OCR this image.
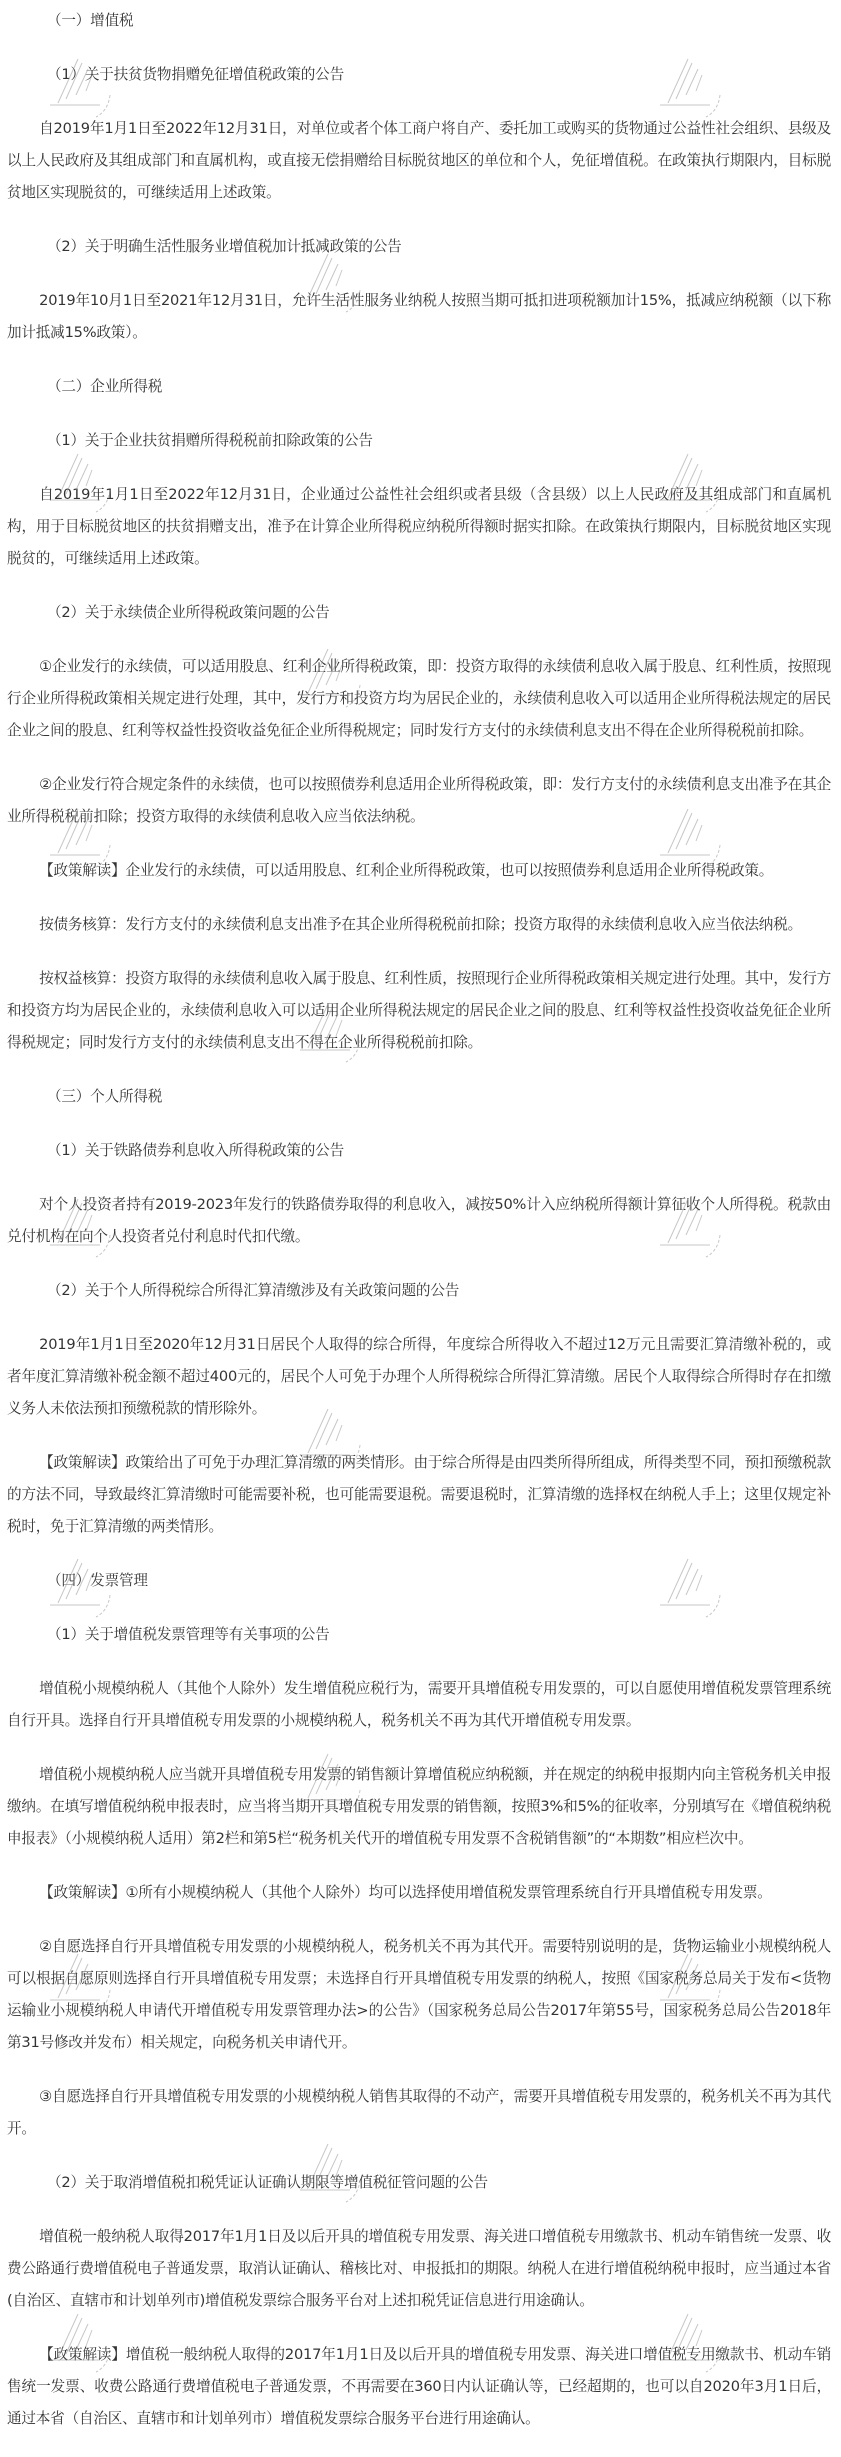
（一）增值税

（1）关于扶贫货物捐赠免征增值税政策的公告

自2019年1月1日至2022年12月31日，对单位或者个体工商户将自产、委托加工或购买的货物通过公益性社会组织、县级及以上人民政府及其组成部门和直属机构，或直接无偿捐赠给目标脱贫地区的单位和个人，免征增值税。在政策执行期限内，目标脱贫地区实现脱贫的，可继续适用上述政策。

（2）关于明确生活性服务业增值税加计抵减政策的公告

2019年10月1日至2021年12月31日，允许生活性服务业纳税人按照当期可抵扣进项税额加计15%，抵减应纳税额（以下称加计抵减15%政策）。

（二）企业所得税

（1）关于企业扶贫捐赠所得税税前扣除政策的公告

自2019年1月1日至2022年12月31日，企业通过公益性社会组织或者县级（含县级）以上人民政府及其组成部门和直属机构，用于目标脱贫地区的扶贫捐赠支出，准予在计算企业所得税应纳税所得额时据实扣除。在政策执行期限内，目标脱贫地区实现脱贫的，可继续适用上述政策。

（2）关于永续债企业所得税政策问题的公告

①企业发行的永续债，可以适用股息、红利企业所得税政策，即：投资方取得的永续债利息收入属于股息、红利性质，按照现行企业所得税政策相关规定进行处理，其中，发行方和投资方均为居民企业的，永续债利息收入可以适用企业所得税法规定的居民企业之间的股息、红利等权益性投资收益免征企业所得税规定；同时发行方支付的永续债利息支出不得在企业所得税税前扣除。

②企业发行符合规定条件的永续债，也可以按照债券利息适用企业所得税政策，即：发行方支付的永续债利息支出准予在其企业所得税税前扣除；投资方取得的永续债利息收入应当依法纳税。

【政策解读】企业发行的永续债，可以适用股息、红利企业所得税政策，也可以按照债券利息适用企业所得税政策。

按债务核算：发行方支付的永续债利息支出准予在其企业所得税税前扣除；投资方取得的永续债利息收入应当依法纳税。

按权益核算：投资方取得的永续债利息收入属于股息、红利性质，按照现行企业所得税政策相关规定进行处理。其中，发行方和投资方均为居民企业的，永续债利息收入可以适用企业所得税法规定的居民企业之间的股息、红利等权益性投资收益免征企业所得税规定；同时发行方支付的永续债利息支出不得在企业所得税税前扣除。

（三）个人所得税

（1）关于铁路债券利息收入所得税政策的公告

对个人投资者持有2019-2023年发行的铁路债券取得的利息收入，减按50%计入应纳税所得额计算征收个人所得税。税款由兑付机构在向个人投资者兑付利息时代扣代缴。

（2）关于个人所得税综合所得汇算清缴涉及有关政策问题的公告

2019年1月1日至2020年12月31日居民个人取得的综合所得，年度综合所得收入不超过12万元且需要汇算清缴补税的，或者年度汇算清缴补税金额不超过400元的，居民个人可免于办理个人所得税综合所得汇算清缴。居民个人取得综合所得时存在扣缴义务人未依法预扣预缴税款的情形除外。

【政策解读】政策给出了可免于办理汇算清缴的两类情形。由于综合所得是由四类所得所组成，所得类型不同，预扣预缴税款的方法不同，导致最终汇算清缴时可能需要补税，也可能需要退税。需要退税时，汇算清缴的选择权在纳税人手上；这里仅规定补税时，免于汇算清缴的两类情形。

（四）发票管理

（1）关于增值税发票管理等有关事项的公告

增值税小规模纳税人（其他个人除外）发生增值税应税行为，需要开具增值税专用发票的，可以自愿使用增值税发票管理系统自行开具。选择自行开具增值税专用发票的小规模纳税人，税务机关不再为其代开增值税专用发票。

增值税小规模纳税人应当就开具增值税专用发票的销售额计算增值税应纳税额，并在规定的纳税申报期内向主管税务机关申报缴纳。在填写增值税纳税申报表时，应当将当期开具增值税专用发票的销售额，按照3%和5%的征收率，分别填写在《增值税纳税申报表》（小规模纳税人适用）第2栏和第5栏“税务机关代开的增值税专用发票不含税销售额”的“本期数”相应栏次中。

【政策解读】①所有小规模纳税人（其他个人除外）均可以选择使用增值税发票管理系统自行开具增值税专用发票。

②自愿选择自行开具增值税专用发票的小规模纳税人，税务机关不再为其代开。需要特别说明的是，货物运输业小规模纳税人可以根据自愿原则选择自行开具增值税专用发票；未选择自行开具增值税专用发票的纳税人，按照《国家税务总局关于发布<货物运输业小规模纳税人申请代开增值税专用发票管理办法>的公告》（国家税务总局公告2017年第55号，国家税务总局公告2018年第31号修改并发布）相关规定，向税务机关申请代开。

③自愿选择自行开具增值税专用发票的小规模纳税人销售其取得的不动产，需要开具增值税专用发票的，税务机关不再为其代开。

（2）关于取消增值税扣税凭证认证确认期限等增值税征管问题的公告

增值税一般纳税人取得2017年1月1日及以后开具的增值税专用发票、海关进口增值税专用缴款书、机动车销售统一发票、收费公路通行费增值税电子普通发票，取消认证确认、稽核比对、申报抵扣的期限。纳税人在进行增值税纳税申报时，应当通过本省(自治区、直辖市和计划单列市)增值税发票综合服务平台对上述扣税凭证信息进行用途确认。

【政策解读】增值税一般纳税人取得的2017年1月1日及以后开具的增值税专用发票、海关进口增值税专用缴款书、机动车销售统一发票、收费公路通行费增值税电子普通发票，不再需要在360日内认证确认等，已经超期的，也可以自2020年3月1日后，通过本省（自治区、直辖市和计划单列市）增值税发票综合服务平台进行用途确认。
